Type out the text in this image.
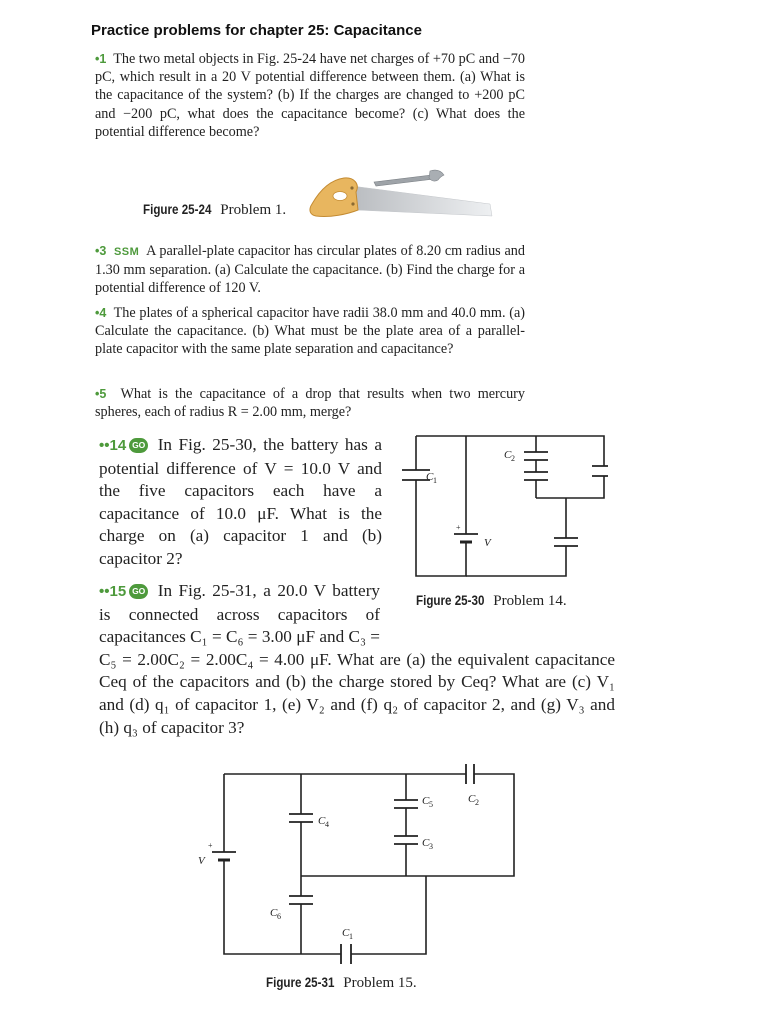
Practice problems for chapter 25: Capacitance

•1 The two metal objects in Fig. 25-24 have net charges of +70 pC and −70 pC, which result in a 20 V potential difference between them. (a) What is the capacitance of the system? (b) If the charges are changed to +200 pC and −200 pC, what does the capacitance become? (c) What does the potential difference become?

Figure 25-24 Problem 1.

•3 SSM A parallel-plate capacitor has circular plates of 8.20 cm radius and 1.30 mm separation. (a) Calculate the capacitance. (b) Find the charge for a potential difference of 120 V.

•4 The plates of a spherical capacitor have radii 38.0 mm and 40.0 mm. (a) Calculate the capacitance. (b) What must be the plate area of a parallel-plate capacitor with the same plate separation and capacitance?

•5 What is the capacitance of a drop that results when two mercury spheres, each of radius R = 2.00 mm, merge?

••14 GO In Fig. 25-30, the battery has a potential difference of V = 10.0 V and the five capacitors each have a capacitance of 10.0 μF. What is the charge on (a) capacitor 1 and (b) capacitor 2?

••15 GO In Fig. 25-31, a 20.0 V battery is connected across capacitors of capacitances C₁ = C₆ = 3.00 μF and C₃ = C₅ = 2.00C₂ = 2.00C₄ = 4.00 μF. What are (a) the equivalent capacitance Ceq of the capacitors and (b) the charge stored by Ceq? What are (c) V₁ and (d) q₁ of capacitor 1, (e) V₂ and (f) q₂ of capacitor 2, and (g) V₃ and (h) q₃ of capacitor 3?

C 1
C 2
V
+
Figure 25-30 Problem 14.
V
+
C 4
C 6
C 5
C 3
C 2
C 1
Figure 25-31 Problem 15.
